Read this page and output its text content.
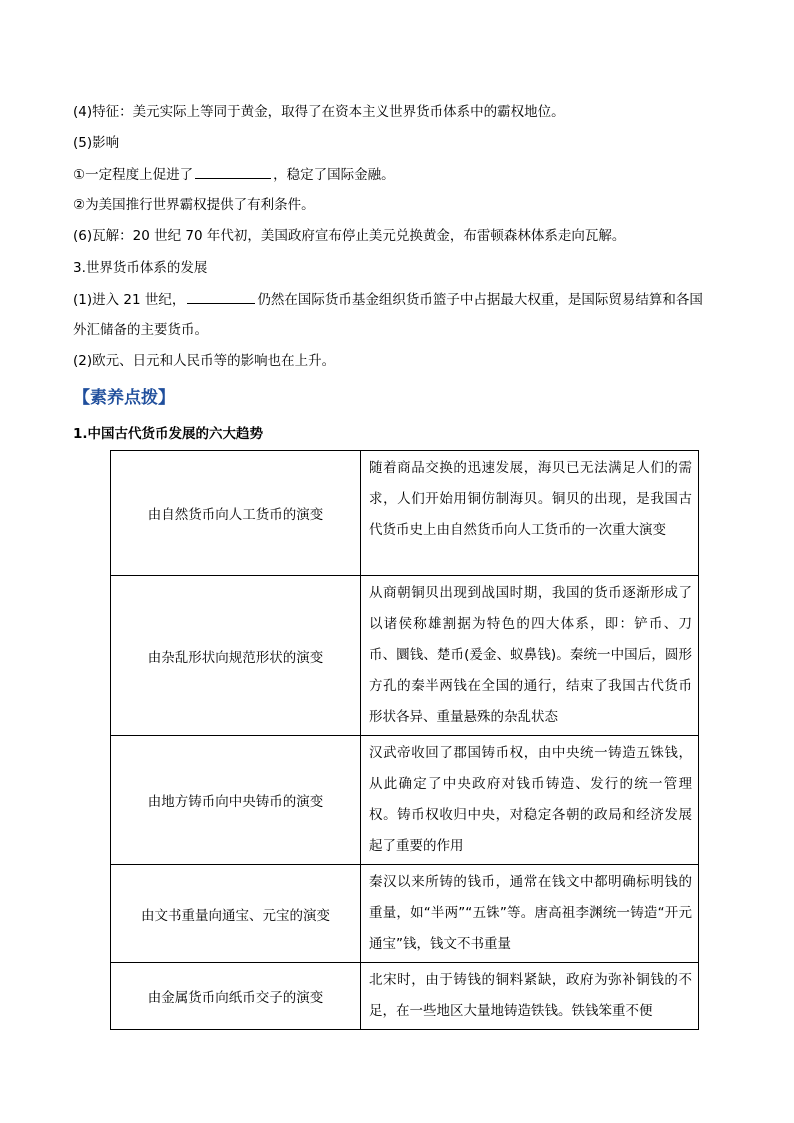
(4)特征：美元实际上等同于黄金，取得了在资本主义世界货币体系中的霸权地位。
(5)影响
①一定程度上促进了	，稳定了国际金融。
②为美国推行世界霸权提供了有利条件。
(6)瓦解：20 世纪 70 年代初，美国政府宣布停止美元兑换黄金，布雷顿森林体系走向瓦解。
3.世界货币体系的发展
(1)进入 21 世纪，	仍然在国际货币基金组织货币篮子中占据最大权重，是国际贸易结算和各国
外汇储备的主要货币。
(2)欧元、日元和人民币等的影响也在上升。
【素养点拨】
1.中国古代货币发展的六大趋势
由自然货币向人工货币的演变	随着商品交换的迅速发展，海贝已无法满足人们的需求，人们开始用铜仿制海贝。铜贝的出现，是我国古代货币史上由自然货币向人工货币的一次重大演变
由杂乱形状向规范形状的演变	从商朝铜贝出现到战国时期，我国的货币逐渐形成了以诸侯称雄割据为特色的四大体系，即：铲币、刀币、圜钱、楚币(爰金、蚁鼻钱)。秦统一中国后，圆形方孔的秦半两钱在全国的通行，结束了我国古代货币形状各异、重量悬殊的杂乱状态
由地方铸币向中央铸币的演变	汉武帝收回了郡国铸币权，由中央统一铸造五铢钱，从此确定了中央政府对钱币铸造、发行的统一管理权。铸币权收归中央，对稳定各朝的政局和经济发展起了重要的作用
由文书重量向通宝、元宝的演变	秦汉以来所铸的钱币，通常在钱文中都明确标明钱的重量，如“半两”“五铢”等。唐高祖李渊统一铸造“开元通宝”钱，钱文不书重量
由金属货币向纸币交子的演变	北宋时，由于铸钱的铜料紧缺，政府为弥补铜钱的不足，在一些地区大量地铸造铁钱。铁钱笨重不便
